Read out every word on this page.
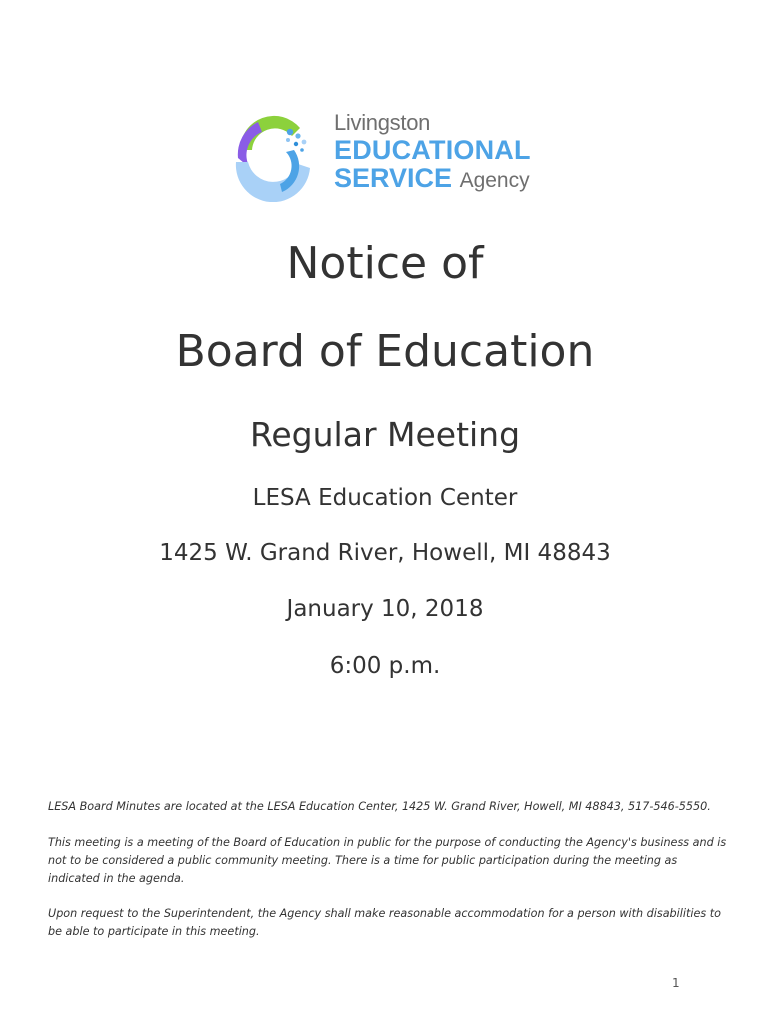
Livingston
EDUCATIONAL
SERVICE Agency
Notice of
Board of Education
Regular Meeting
LESA Education Center
1425 W. Grand River, Howell, MI 48843
January 10, 2018
6:00 p.m.

LESA Board Minutes are located at the LESA Education Center, 1425 W. Grand River, Howell, MI 48843, 517-546-5550.

This meeting is a meeting of the Board of Education in public for the purpose of conducting the Agency's business and is not to be considered a public community meeting. There is a time for public participation during the meeting as indicated in the agenda.

Upon request to the Superintendent, the Agency shall make reasonable accommodation for a person with disabilities to be able to participate in this meeting.

1
